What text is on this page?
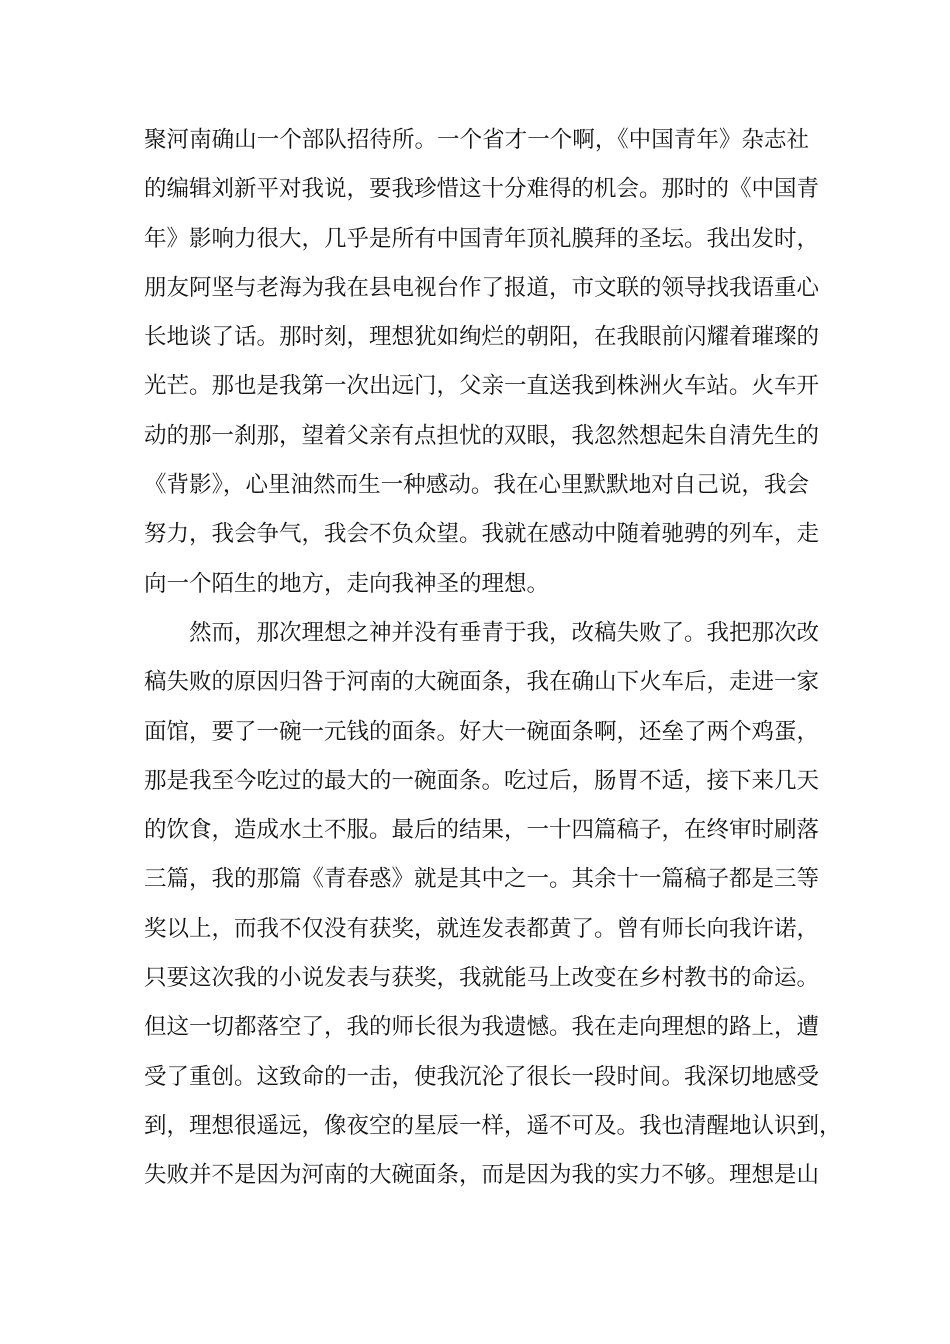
聚河南确山一个部队招待所。一个省才一个啊，《中国青年》杂志社
的编辑刘新平对我说，要我珍惜这十分难得的机会。那时的《中国青
年》影响力很大，几乎是所有中国青年顶礼膜拜的圣坛。我出发时，
朋友阿坚与老海为我在县电视台作了报道，市文联的领导找我语重心
长地谈了话。那时刻，理想犹如绚烂的朝阳，在我眼前闪耀着璀璨的
光芒。那也是我第一次出远门，父亲一直送我到株洲火车站。火车开
动的那一刹那，望着父亲有点担忧的双眼，我忽然想起朱自清先生的
《背影》，心里油然而生一种感动。我在心里默默地对自己说，我会
努力，我会争气，我会不负众望。我就在感动中随着驰骋的列车，走
向一个陌生的地方，走向我神圣的理想。
然而，那次理想之神并没有垂青于我，改稿失败了。我把那次改
稿失败的原因归咎于河南的大碗面条，我在确山下火车后，走进一家
面馆，要了一碗一元钱的面条。好大一碗面条啊，还垒了两个鸡蛋，
那是我至今吃过的最大的一碗面条。吃过后，肠胃不适，接下来几天
的饮食，造成水土不服。最后的结果，一十四篇稿子，在终审时刷落
三篇，我的那篇《青春惑》就是其中之一。其余十一篇稿子都是三等
奖以上，而我不仅没有获奖，就连发表都黄了。曾有师长向我许诺，
只要这次我的小说发表与获奖，我就能马上改变在乡村教书的命运。
但这一切都落空了，我的师长很为我遗憾。我在走向理想的路上，遭
受了重创。这致命的一击，使我沉沦了很长一段时间。我深切地感受
到，理想很遥远，像夜空的星辰一样，遥不可及。我也清醒地认识到，
失败并不是因为河南的大碗面条，而是因为我的实力不够。理想是山
